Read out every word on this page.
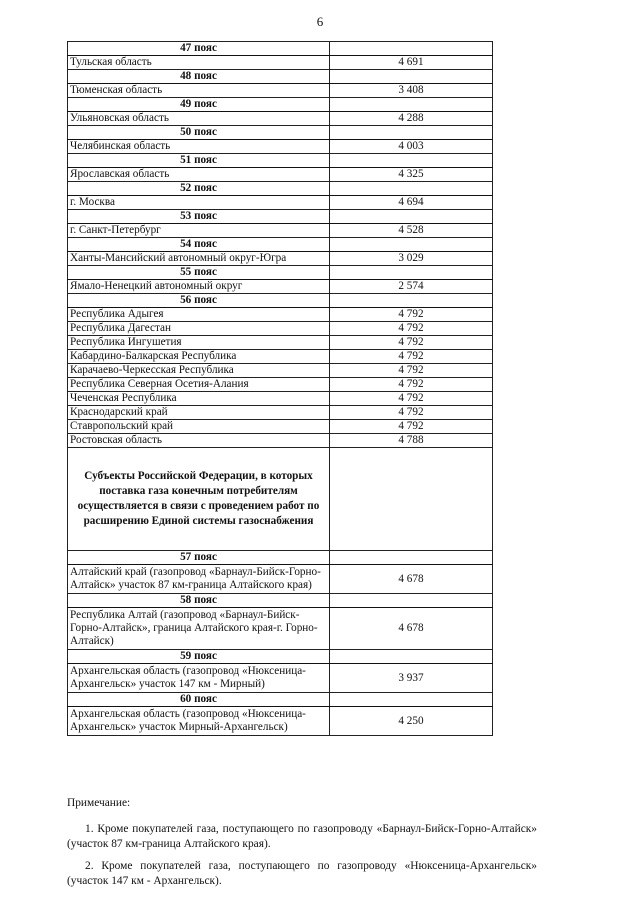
6
47 пояс	
Тульская область	4 691
48 пояс	
Тюменская область	3 408
49 пояс	
Ульяновская область	4 288
50 пояс	
Челябинская область	4 003
51 пояс	
Ярославская область	4 325
52 пояс	
г. Москва	4 694
53 пояс	
г. Санкт-Петербург	4 528
54 пояс	
Ханты-Мансийский автономный округ-Югра	3 029
55 пояс	
Ямало-Ненецкий автономный округ	2 574
56 пояс	
Республика Адыгея	4 792
Республика Дагестан	4 792
Республика Ингушетия	4 792
Кабардино-Балкарская Республика	4 792
Карачаево-Черкесская Республика	4 792
Республика Северная Осетия-Алания	4 792
Чеченская Республика	4 792
Краснодарский край	4 792
Ставропольский край	4 792
Ростовская область	4 788
Субъекты Российской Федерации, в которых поставка газа конечным потребителям осуществляется в связи с проведением работ по расширению Единой системы газоснабжения	
57 пояс	
Алтайский край (газопровод «Барнаул-Бийск-Горно-Алтайск» участок 87 км-граница Алтайского края)	4 678
58 пояс	
Республика Алтай (газопровод «Барнаул-Бийск-Горно-Алтайск», граница Алтайского края-г. Горно-Алтайск)	4 678
59 пояс	
Архангельская область (газопровод «Нюксеница-Архангельск» участок 147 км - Мирный)	3 937
60 пояс	
Архангельская область (газопровод «Нюксеница-Архангельск» участок Мирный-Архангельск)	4 250

Примечание:

1. Кроме покупателей газа, поступающего по газопроводу «Барнаул-Бийск-Горно-Алтайск» (участок 87 км-граница Алтайского края).

2. Кроме покупателей газа, поступающего по газопроводу «Нюксеница-Архангельск» (участок 147 км - Архангельск).
